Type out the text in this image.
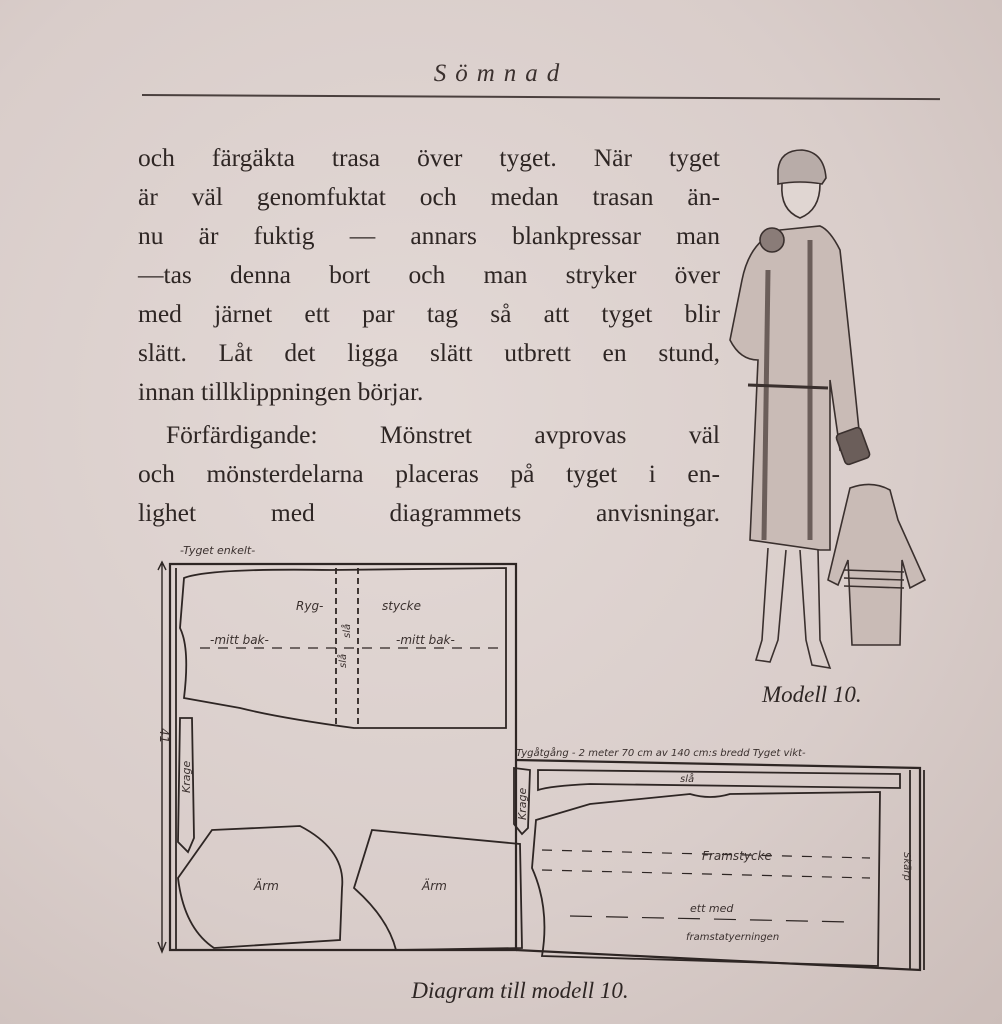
Sömnad

och färgäkta trasa över tyget. När tyget

är väl genomfuktat och medan trasan än-

nu är fuktig — annars blankpressar man

—tas denna bort och man stryker över

med järnet ett par tag så att tyget blir

slätt. Låt det ligga slätt utbrett en stund,

innan tillklippningen börjar.

Förfärdigande: Mönstret avprovas väl

och mönsterdelarna placeras på tyget i en-

lighet med diagrammets anvisningar.

Modell 10.
-Tyget enkelt-
Ryg-	stycke
-mitt bak-	-mitt bak-
slå
slå
Krage
Krage
Ärm	Ärm
41
Tygåtgång - 2 meter 70 cm av 140 cm:s bredd Tyget vikt-
slå
Framstycke
ett med
framstatyerningen
Skärp
Diagram till modell 10.
